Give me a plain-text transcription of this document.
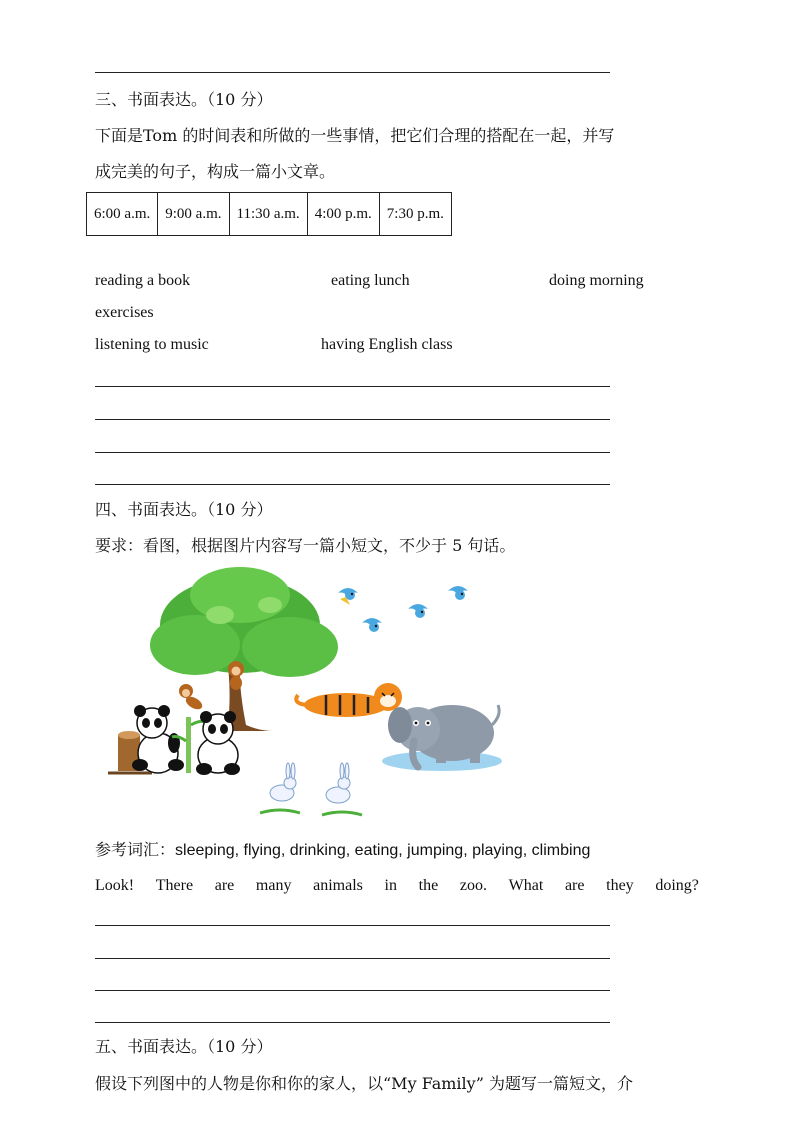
三、书面表达。（10 分）
下面是Tom 的时间表和所做的一些事情，把它们合理的搭配在一起，并写
成完美的句子，构成一篇小文章。
6:00 a.m.	9:00 a.m.	11:30 a.m.	4:00 p.m.	7:30 p.m.
reading a book	eating lunch	doing morning
exercises
listening to music	having English class
四、书面表达。（10 分）
要求：看图，根据图片内容写一篇小短文，不少于 5 句话。
参考词汇：sleeping, flying, drinking, eating, jumping, playing, climbing
Look! There are many animals in the zoo. What are they doing?
五、书面表达。（10 分）
假设下列图中的人物是你和你的家人，以“My Family” 为题写一篇短文，介
